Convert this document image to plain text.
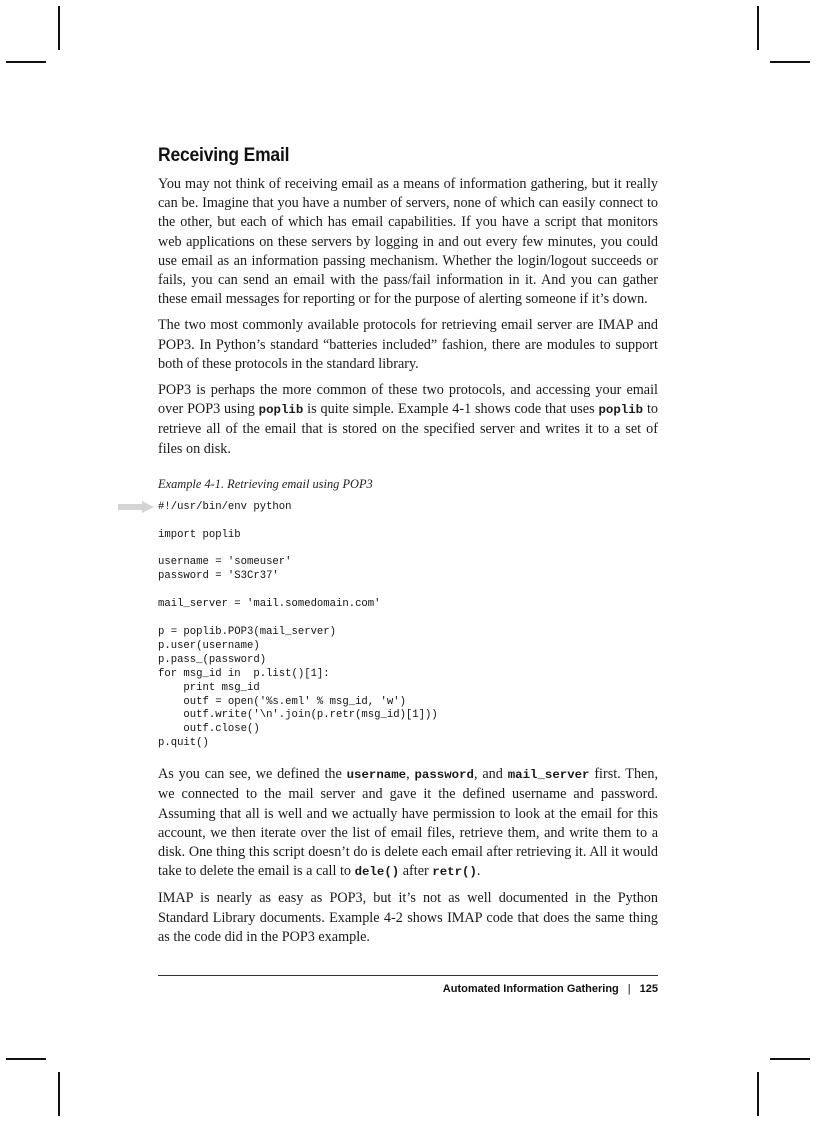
Receiving Email

You may not think of receiving email as a means of information gathering, but it really can be. Imagine that you have a number of servers, none of which can easily connect to the other, but each of which has email capabilities. If you have a script that monitors web applications on these servers by logging in and out every few minutes, you could use email as an information passing mechanism. Whether the login/logout succeeds or fails, you can send an email with the pass/fail information in it. And you can gather these email messages for reporting or for the purpose of alerting someone if it’s down.

The two most commonly available protocols for retrieving email server are IMAP and POP3. In Python’s standard “batteries included” fashion, there are modules to support both of these protocols in the standard library.

POP3 is perhaps the more common of these two protocols, and accessing your email over POP3 using poplib is quite simple. Example 4-1 shows code that uses poplib to retrieve all of the email that is stored on the specified server and writes it to a set of files on disk.

Example 4-1. Retrieving email using POP3
#!/usr/bin/env python

import poplib

username = 'someuser'
password = 'S3Cr37'

mail_server = 'mail.somedomain.com'

p = poplib.POP3(mail_server)
p.user(username)
p.pass_(password)
for msg_id in  p.list()[1]:
print msg_id
outf = open('%s.eml' % msg_id, 'w')
outf.write('\n'.join(p.retr(msg_id)[1]))
outf.close()
p.quit()

As you can see, we defined the username, password, and mail_server first. Then, we connected to the mail server and gave it the defined username and password. Assuming that all is well and we actually have permission to look at the email for this account, we then iterate over the list of email files, retrieve them, and write them to a disk. One thing this script doesn’t do is delete each email after retrieving it. All it would take to delete the email is a call to dele() after retr().

IMAP is nearly as easy as POP3, but it’s not as well documented in the Python Standard Library documents. Example 4-2 shows IMAP code that does the same thing as the code did in the POP3 example.

Automated Information Gathering | 125
